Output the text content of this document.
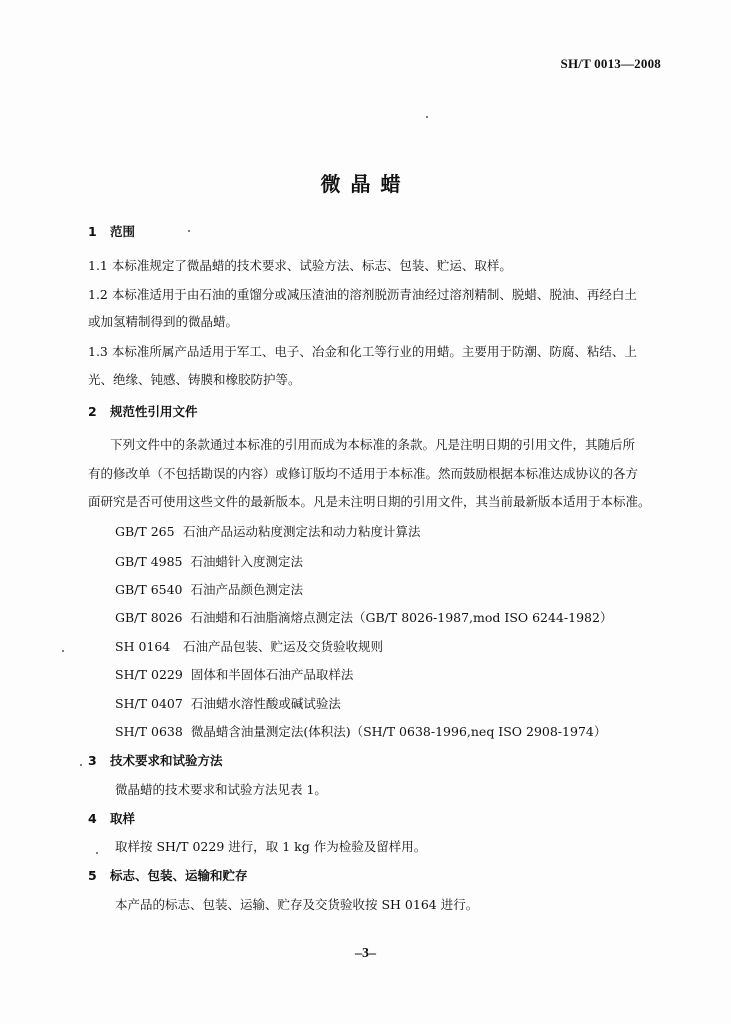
SH/T 0013—2008
微晶蜡
1 范围
1.1 本标准规定了微晶蜡的技术要求、试验方法、标志、包装、贮运、取样。
1.2 本标准适用于由石油的重馏分或减压渣油的溶剂脱沥青油经过溶剂精制、脱蜡、脱油、再经白土
或加氢精制得到的微晶蜡。
1.3 本标准所属产品适用于军工、电子、冶金和化工等行业的用蜡。主要用于防潮、防腐、粘结、上
光、绝缘、钝感、铸膜和橡胶防护等。
2 规范性引用文件
下列文件中的条款通过本标准的引用而成为本标准的条款。凡是注明日期的引用文件，其随后所
有的修改单（不包括勘误的内容）或修订版均不适用于本标准。然而鼓励根据本标准达成协议的各方
面研究是否可使用这些文件的最新版本。凡是未注明日期的引用文件，其当前最新版本适用于本标准。
GB/T 265 石油产品运动粘度测定法和动力粘度计算法
GB/T 4985 石油蜡针入度测定法
GB/T 6540 石油产品颜色测定法
GB/T 8026 石油蜡和石油脂滴熔点测定法（GB/T 8026-1987,mod ISO 6244-1982）
SH 0164 石油产品包装、贮运及交货验收规则
SH/T 0229 固体和半固体石油产品取样法
SH/T 0407 石油蜡水溶性酸或碱试验法
SH/T 0638 微晶蜡含油量测定法(体积法)（SH/T 0638-1996,neq ISO 2908-1974）
3 技术要求和试验方法
微晶蜡的技术要求和试验方法见表 1。
4 取样
取样按 SH/T 0229 进行，取 1 kg 作为检验及留样用。
5 标志、包装、运输和贮存
本产品的标志、包装、运输、贮存及交货验收按 SH 0164 进行。
–3–
